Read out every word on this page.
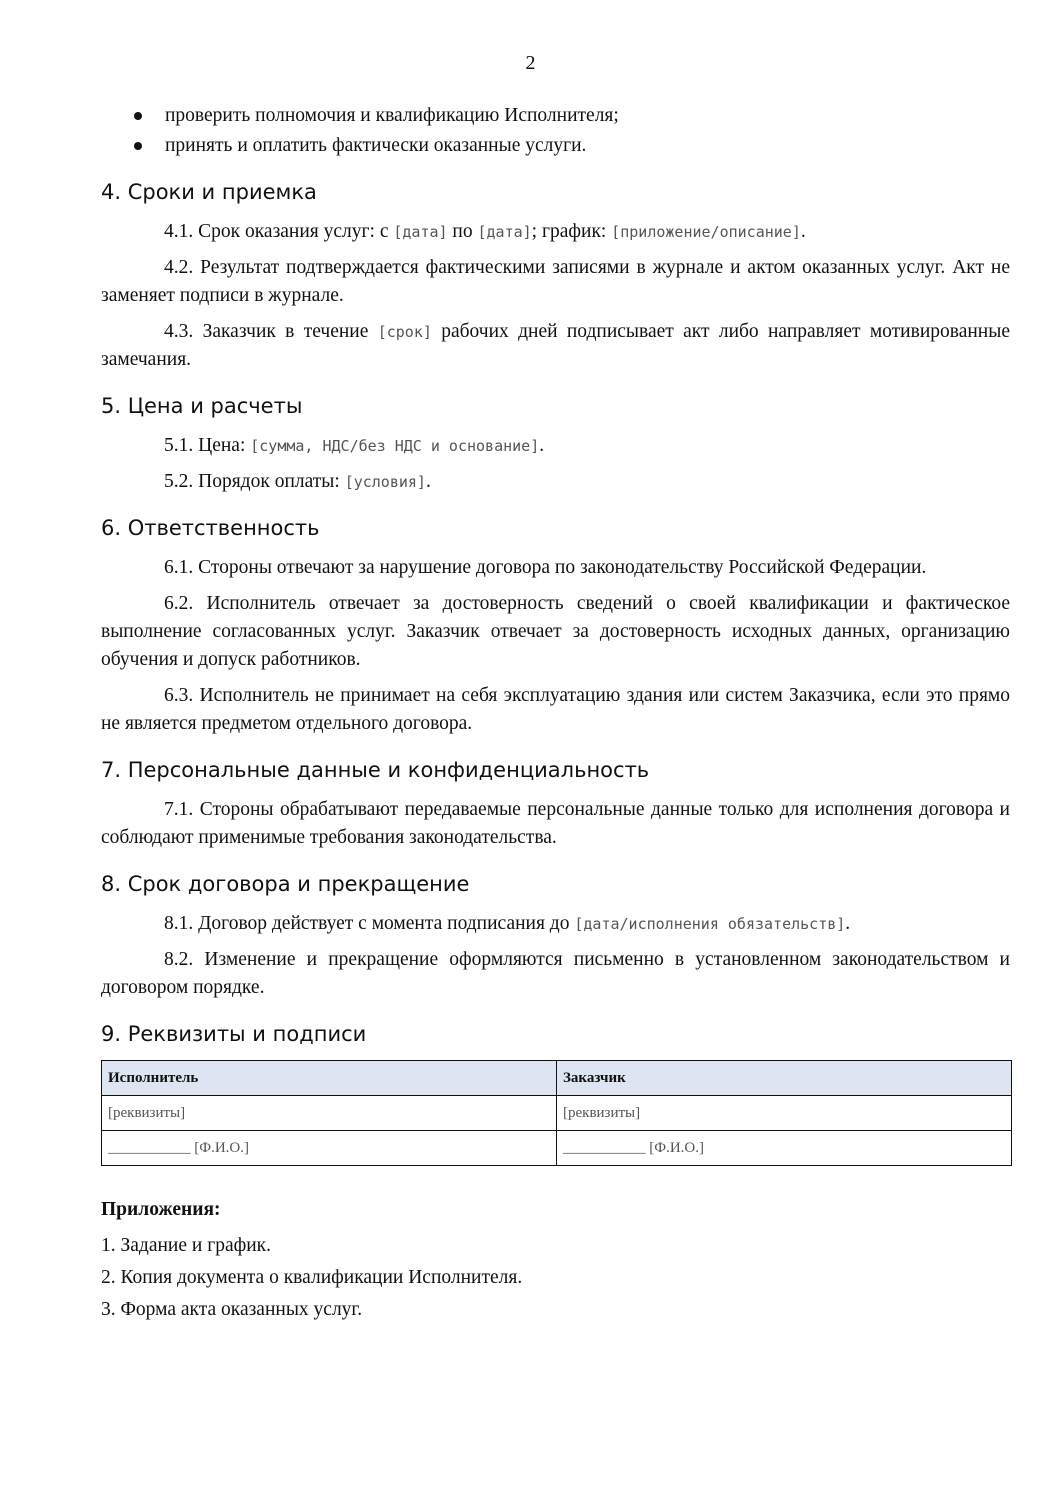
2
проверить полномочия и квалификацию Исполнителя;
принять и оплатить фактически оказанные услуги.
4. Сроки и приемка

4.1. Срок оказания услуг: с [дата] по [дата]; график: [приложение/описание].

4.2. Результат подтверждается фактическими записями в журнале и актом оказанных услуг. Акт не заменяет подписи в журнале.

4.3. Заказчик в течение [срок] рабочих дней подписывает акт либо направляет мотивированные замечания.

5. Цена и расчеты

5.1. Цена: [сумма, НДС/без НДС и основание].

5.2. Порядок оплаты: [условия].

6. Ответственность

6.1. Стороны отвечают за нарушение договора по законодательству Российской Федерации.

6.2. Исполнитель отвечает за достоверность сведений о своей квалификации и фактическое выполнение согласованных услуг. Заказчик отвечает за достоверность исходных данных, организацию обучения и допуск работников.

6.3. Исполнитель не принимает на себя эксплуатацию здания или систем Заказчика, если это прямо не является предметом отдельного договора.

7. Персональные данные и конфиденциальность

7.1. Стороны обрабатывают передаваемые персональные данные только для исполнения договора и соблюдают применимые требования законодательства.

8. Срок договора и прекращение

8.1. Договор действует с момента подписания до [дата/исполнения обязательств].

8.2. Изменение и прекращение оформляются письменно в установленном законодательством и договором порядке.

9. Реквизиты и подписи
Исполнитель	Заказчик
[реквизиты]	[реквизиты]
___________ [Ф.И.О.]	___________ [Ф.И.О.]
Приложения:
1. Задание и график.
2. Копия документа о квалификации Исполнителя.
3. Форма акта оказанных услуг.
